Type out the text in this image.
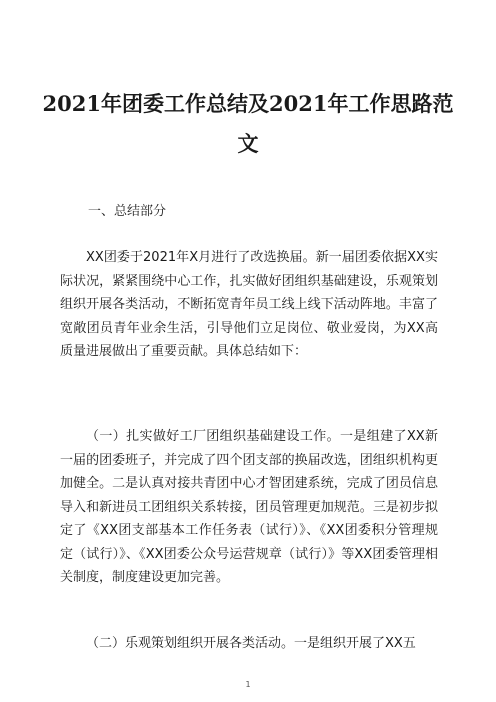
2021年团委工作总结及2021年工作思路范文

一、总结部分

XX团委于2021年X月进行了改选换届。新一届团委依据XX实际状况，紧紧围绕中心工作，扎实做好团组织基础建设，乐观策划组织开展各类活动，不断拓宽青年员工线上线下活动阵地。丰富了宽敞团员青年业余生活，引导他们立足岗位、敬业爱岗，为XX高质量进展做出了重要贡献。具体总结如下：

（一）扎实做好工厂团组织基础建设工作。一是组建了XX新一届的团委班子，并完成了四个团支部的换届改选，团组织机构更加健全。二是认真对接共青团中心才智团建系统，完成了团员信息导入和新进员工团组织关系转接，团员管理更加规范。三是初步拟定了《XX团支部基本工作任务表（试行）》、《XX团委积分管理规定（试行）》、《XX团委公众号运营规章（试行）》等XX团委管理相关制度，制度建设更加完善。

（二）乐观策划组织开展各类活动。一是组织开展了XX五

1
